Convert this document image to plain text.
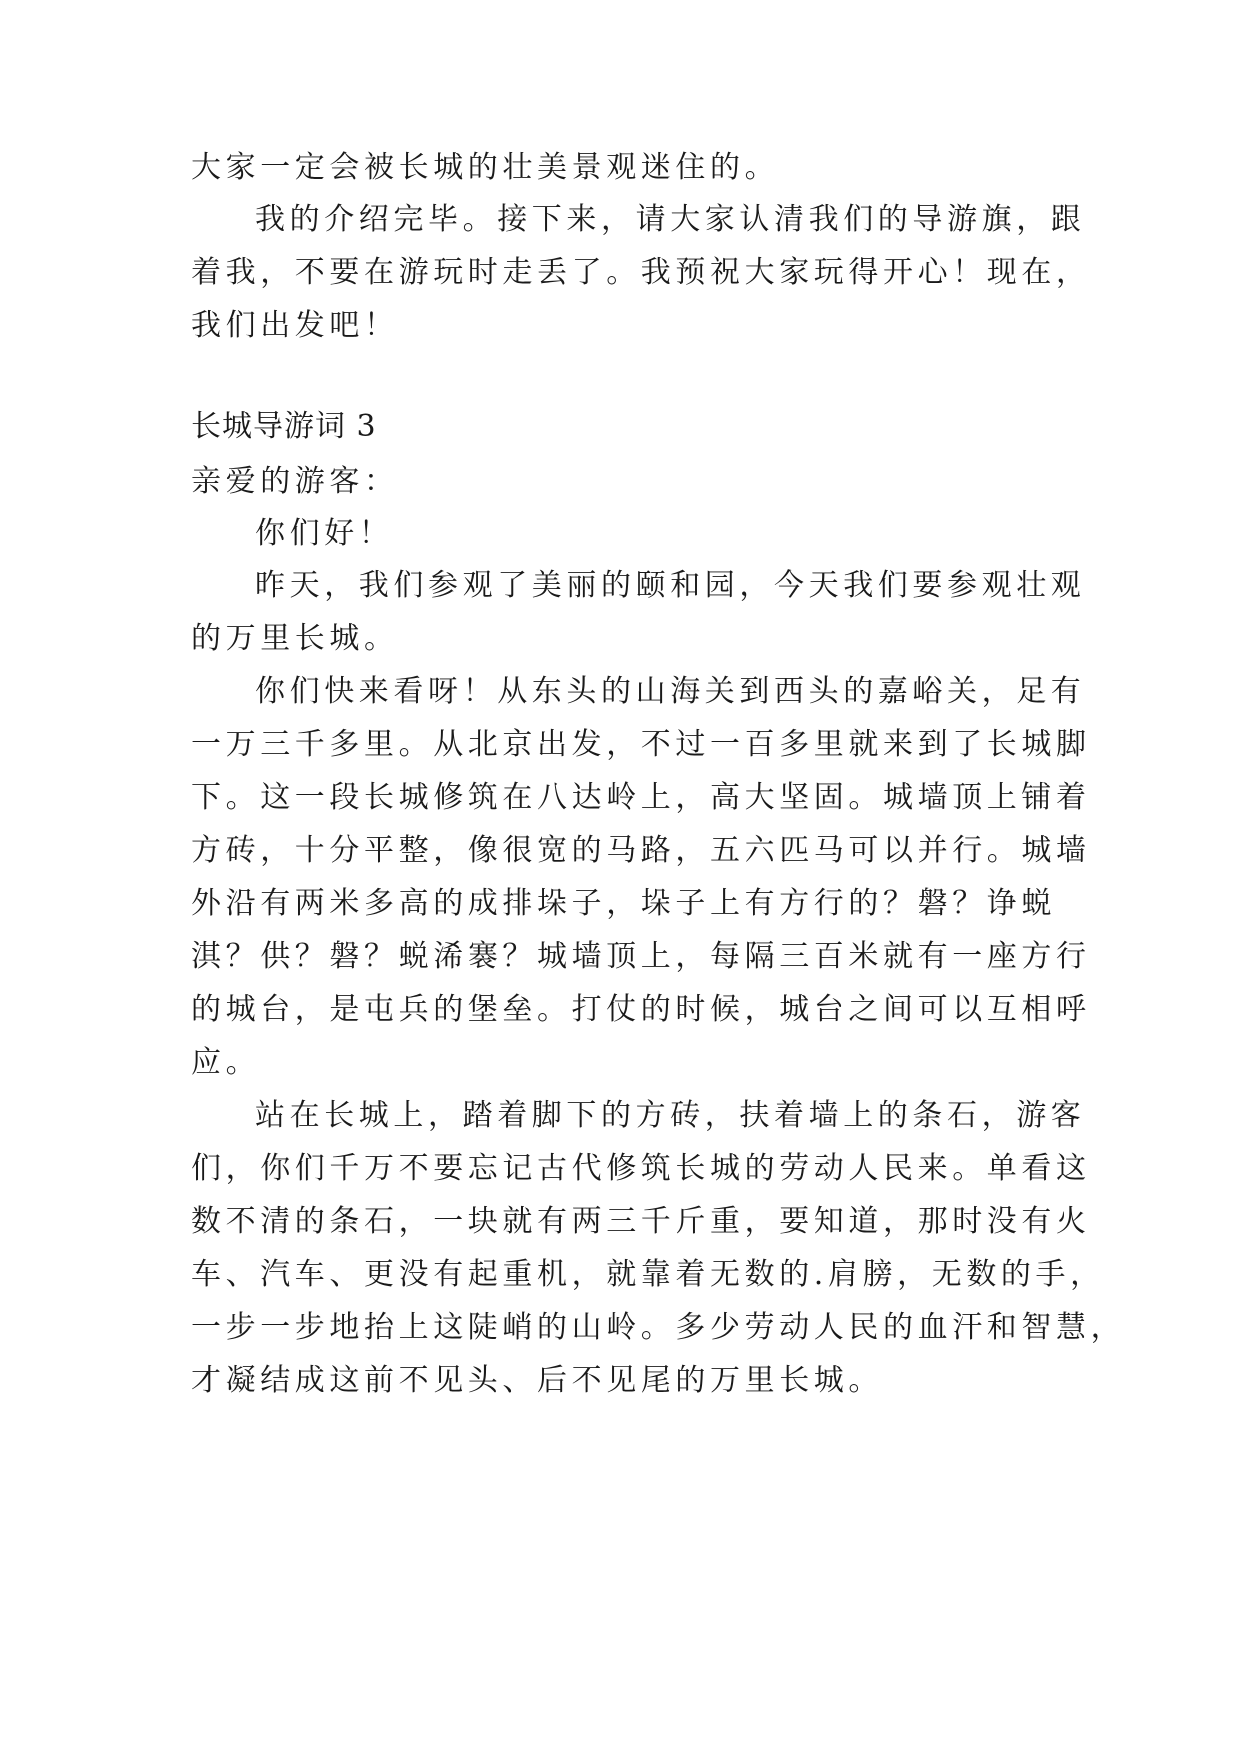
大家一定会被长城的壮美景观迷住的。
我的介绍完毕。接下来，请大家认清我们的导游旗，跟
着我，不要在游玩时走丢了。我预祝大家玩得开心！现在，
我们出发吧！
长城导游词 3
亲爱的游客：
你们好！
昨天，我们参观了美丽的颐和园，今天我们要参观壮观
的万里长城。
你们快来看呀！从东头的山海关到西头的嘉峪关，足有
一万三千多里。从北京出发，不过一百多里就来到了长城脚
下。这一段长城修筑在八达岭上，高大坚固。城墙顶上铺着
方砖，十分平整，像很宽的马路，五六匹马可以并行。城墙
外沿有两米多高的成排垛子，垛子上有方行的？磐？诤蜕
淇？供？磐？蜕浠褰？城墙顶上，每隔三百米就有一座方行
的城台，是屯兵的堡垒。打仗的时候，城台之间可以互相呼
应。
站在长城上，踏着脚下的方砖，扶着墙上的条石，游客
们，你们千万不要忘记古代修筑长城的劳动人民来。单看这
数不清的条石，一块就有两三千斤重，要知道，那时没有火
车、汽车、更没有起重机，就靠着无数的.肩膀，无数的手，
一步一步地抬上这陡峭的山岭。多少劳动人民的血汗和智慧，
才凝结成这前不见头、后不见尾的万里长城。
